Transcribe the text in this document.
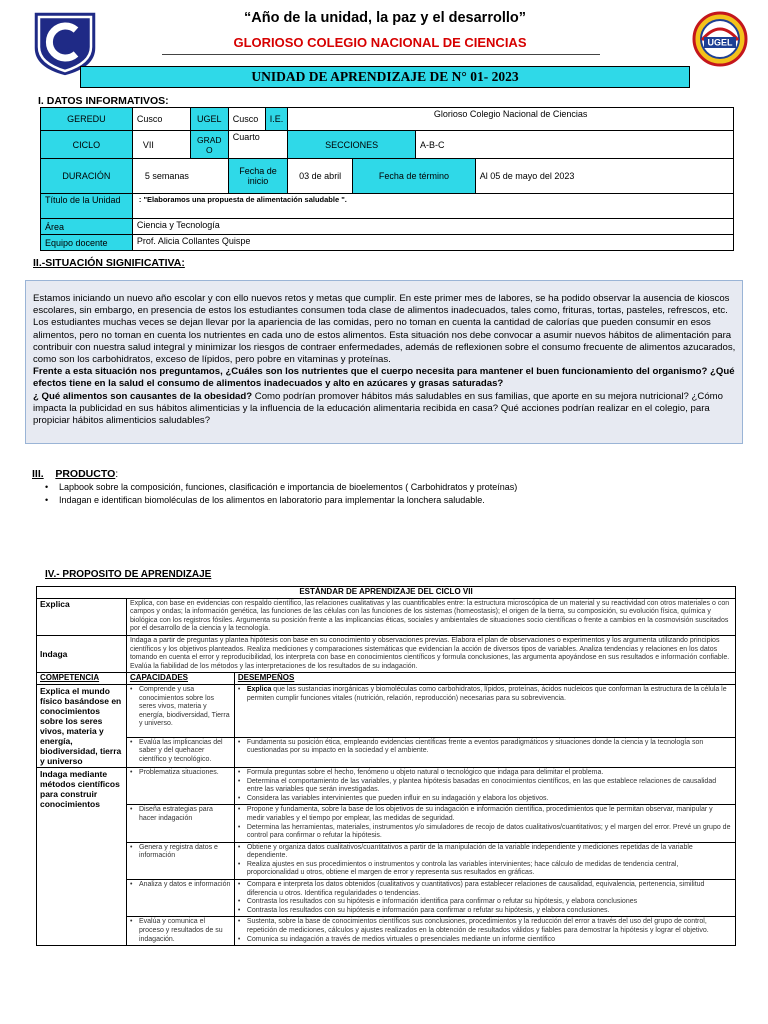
“Año de la unidad, la paz y el desarrollo”
GLORIOSO COLEGIO NACIONAL DE CIENCIAS	UGEL
UNIDAD DE APRENDIZAJE DE N° 01- 2023
I. DATOS INFORMATIVOS:
GEREDU	Cusco	UGEL	Cusco	I.E.	Glorioso Colegio Nacional de Ciencias			
CICLO	VII	GRADO	Cuarto		SECCIONES		A-B-C	
DURACIÓN	5 semanas		Fecha de inicio		03 de abril	Fecha de término		Al 05 de mayo del 2023
Título de la Unidad	: "Elaboramos una propuesta de alimentación saludable ".							
Área	Ciencia y Tecnología							
Equipo docente	Prof. Alicia Collantes Quispe							
II.-SITUACIÓN SIGNIFICATIVA:

Estamos iniciando un nuevo año escolar y con ello nuevos retos y metas que cumplir. En este primer mes de labores, se ha podido observar la ausencia de kioscos escolares, sin embargo, en presencia de estos los estudiantes consumen toda clase de alimentos inadecuados, tales como, frituras, tortas, pasteles, refrescos, etc. Los estudiantes muchas veces se dejan llevar por la apariencia de las comidas, pero no toman en cuenta la cantidad de calorías que pueden consumir en esos alimentos, pero no toman en cuenta los nutrientes en cada uno de estos alimentos. Esta situación nos debe convocar a asumir nuevos hábitos de alimentación para contribuir con nuestra salud integral y minimizar los riesgos de contraer enfermedades, además de reflexionen sobre el consumo frecuente de alimentos azucarados, como son los carbohidratos, exceso de lípidos, pero pobre en vitaminas y proteínas.

Frente a esta situación nos preguntamos, ¿Cuáles son los nutrientes que el cuerpo necesita para mantener el buen funcionamiento del organismo? ¿Qué efectos tiene en la salud el consumo de alimentos inadecuados y alto en azúcares y grasas saturadas?

¿ Qué alimentos son causantes de la obesidad? Como podrían promover hábitos más saludables en sus familias, que aporte en su mejora nutricional? ¿Cómo impacta la publicidad en sus hábitos alimenticias y la influencia de la educación alimentaria recibida en casa? Qué acciones podrían realizar en el colegio, para propiciar hábitos alimenticios saludables?

III. PRODUCTO:
• Lapbook sobre la composición, funciones, clasificación e importancia de bioelementos ( Carbohidratos y proteínas)
• Indagan e identifican biomoléculas de los alimentos en laboratorio para implementar la lonchera saludable.
IV.- PROPOSITO DE APRENDIZAJE
ESTÁNDAR DE APRENDIZAJE DEL CICLO VII		
Explica	Explica, con base en evidencias con respaldo científico, las relaciones cualitativas y las cuantificables entre: la estructura microscópica de un material y su reactividad con otros materiales o con campos y ondas; la información genética, las funciones de las células con las funciones de los sistemas (homeostasis); el origen de la tierra, su composición, su evolución física, química y biológica con los registros fósiles. Argumenta su posición frente a las implicancias éticas, sociales y ambientales de situaciones socio científicas o frente a cambios en la cosmovisión suscitados por el desarrollo de la ciencia y la tecnología.	
Indaga	Indaga a partir de preguntas y plantea hipótesis con base en su conocimiento y observaciones previas. Elabora el plan de observaciones o experimentos y los argumenta utilizando principios científicos y los objetivos planteados. Realiza mediciones y comparaciones sistemáticas que evidencian la acción de diversos tipos de variables. Analiza tendencias y relaciones en los datos tomando en cuenta el error y reproducibilidad, los interpreta con base en conocimientos científicos y formula conclusiones, las argumenta apoyándose en sus resultados e información confiable. Evalúa la fiabilidad de los métodos y las interpretaciones de los resultados de su indagación.	
COMPETENCIA	CAPACIDADES	DESEMPEÑOS
Explica el mundo físico basándose en conocimientos sobre los seres vivos, materia y energía, biodiversidad, tierra y universo	• Comprende y usa conocimientos sobre los seres vivos, materia y energía, biodiversidad, Tierra y universo.	• Explica que las sustancias inorgánicas y biomoléculas como carbohidratos, lípidos, proteínas, ácidos nucleicos que conforman la estructura de la célula le permiten cumplir funciones vitales (nutrición, relación, reproducción) necesarias para su sobrevivencia.

	• Evalúa las implicancias del saber y del quehacer científico y tecnológico.	• Fundamenta su posición ética, empleando evidencias científicas frente a eventos paradigmáticos y situaciones donde la ciencia y la tecnología son cuestionadas por su impacto en la sociedad y el ambiente.

Indaga mediante métodos científicos para construir conocimientos	• Problematiza situaciones.	• Formula preguntas sobre el hecho, fenómeno u objeto natural o tecnológico que indaga para delimitar el problema.
• Determina el comportamiento de las variables, y plantea hipótesis basadas en conocimientos científicos, en las que establece relaciones de causalidad entre las variables que serán investigadas.
• Considera las variables intervinientes que pueden influir en su indagación y elabora los objetivos.

	• Diseña estrategias para hacer indagación	• Propone y fundamenta, sobre la base de los objetivos de su indagación e información científica, procedimientos que le permitan observar, manipular y medir variables y el tiempo por emplear, las medidas de seguridad.
• Determina las herramientas, materiales, instrumentos y/o simuladores de recojo de datos cualitativos/cuantitativos; y el margen del error. Prevé un grupo de control para confirmar o refutar la hipótesis.

	• Genera y registra datos e información	• Obtiene y organiza datos cualitativos/cuantitativos a partir de la manipulación de la variable independiente y mediciones repetidas de la variable dependiente.
• Realiza ajustes en sus procedimientos o instrumentos y controla las variables intervinientes; hace cálculo de medidas de tendencia central, proporcionalidad u otros, obtiene el margen de error y representa sus resultados en gráficas.

	• Analiza y datos e información	• Compara e interpreta los datos obtenidos (cualitativos y cuantitativos) para establecer relaciones de causalidad, equivalencia, pertenencia, similitud diferencia u otros. Identifica regularidades o tendencias.
• Contrasta los resultados con su hipótesis e información identifica para confirmar o refutar su hipótesis, y elabora conclusiones
• Contrasta los resultados con su hipótesis e información para confirmar o refutar su hipótesis, y elabora conclusiones.

	• Evalúa y comunica el proceso y resultados de su indagación.	• Sustenta, sobre la base de conocimientos científicos sus conclusiones, procedimientos y la reducción del error a través del uso del grupo de control, repetición de mediciones, cálculos y ajustes realizados en la obtención de resultados válidos y fiables para demostrar la hipótesis y lograr el objetivo.
• Comunica su indagación a través de medios virtuales o presenciales mediante un informe científico
